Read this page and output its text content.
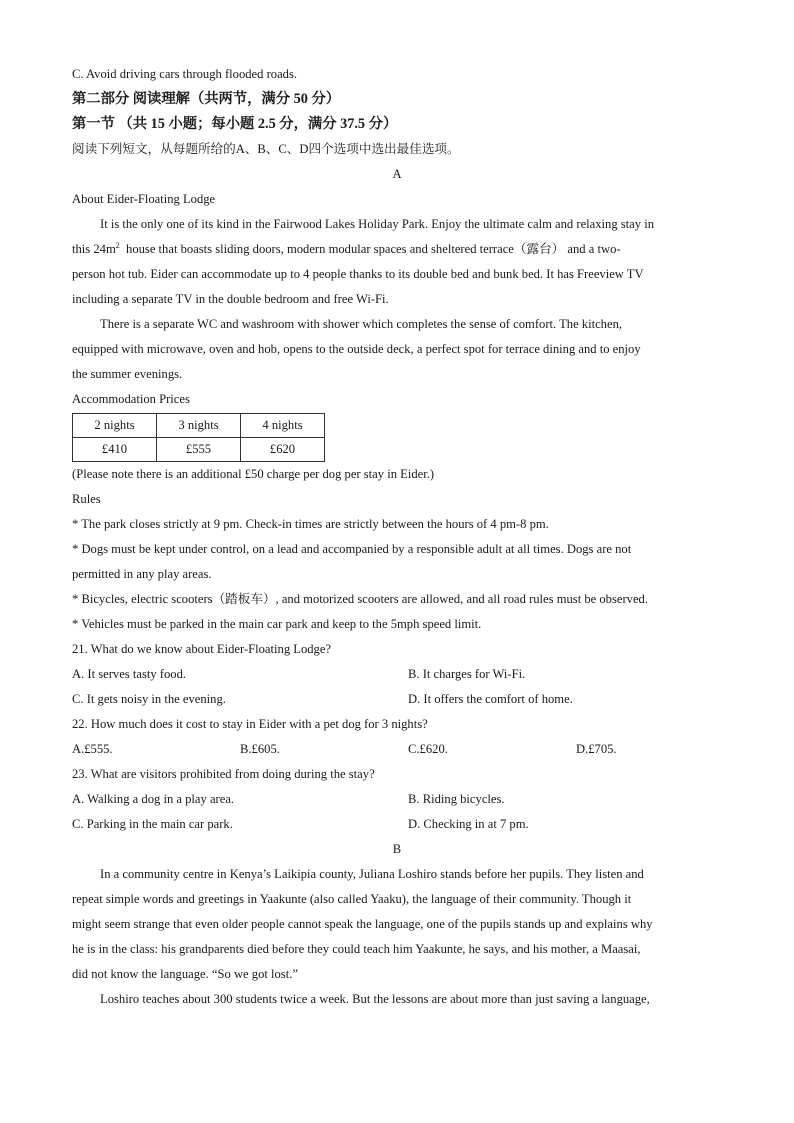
C. Avoid driving cars through flooded roads.
第二部分 阅读理解（共两节，满分 50 分）
第一节 （共 15 小题；每小题 2.5 分，满分 37.5 分）
阅读下列短文，从每题所给的A、B、C、D四个选项中选出最佳选项。
A
About Eider-Floating Lodge
It is the only one of its kind in the Fairwood Lakes Holiday Park. Enjoy the ultimate calm and relaxing stay in
this $24m^2$  house that boasts sliding doors, modern modular spaces and sheltered terrace（露台） and a two-
person hot tub. Eider can accommodate up to 4 people thanks to its double bed and bunk bed. It has Freeview TV
including a separate TV in the double bedroom and free Wi-Fi.
There is a separate WC and washroom with shower which completes the sense of comfort. The kitchen,
equipped with microwave, oven and hob, opens to the outside deck, a perfect spot for terrace dining and to enjoy
the summer evenings.
Accommodation Prices
2 nights	3 nights	4 nights
£410	£555	£620
(Please note there is an additional £50 charge per dog per stay in Eider.)
Rules
* The park closes strictly at 9 pm. Check-in times are strictly between the hours of 4 pm-8 pm.
* Dogs must be kept under control, on a lead and accompanied by a responsible adult at all times. Dogs are not
permitted in any play areas.
* Bicycles, electric scooters（踏板车）, and motorized scooters are allowed, and all road rules must be observed.
* Vehicles must be parked in the main car park and keep to the 5mph speed limit.
21. What do we know about Eider-Floating Lodge?
A. It serves tasty food.	B. It charges for Wi-Fi.
C. It gets noisy in the evening.	D. It offers the comfort of home.
22. How much does it cost to stay in Eider with a pet dog for 3 nights?
A.£555.	B.£605.	C.£620.	D.£705.
23. What are visitors prohibited from doing during the stay?
A. Walking a dog in a play area.	B. Riding bicycles.
C. Parking in the main car park.	D. Checking in at 7 pm.
B
In a community centre in Kenya’s Laikipia county, Juliana Loshiro stands before her pupils. They listen and
repeat simple words and greetings in Yaakunte (also called Yaaku), the language of their community. Though it
might seem strange that even older people cannot speak the language, one of the pupils stands up and explains why
he is in the class: his grandparents died before they could teach him Yaakunte, he says, and his mother, a Maasai,
did not know the language. “So we got lost.”
Loshiro teaches about 300 students twice a week. But the lessons are about more than just saving a language,
